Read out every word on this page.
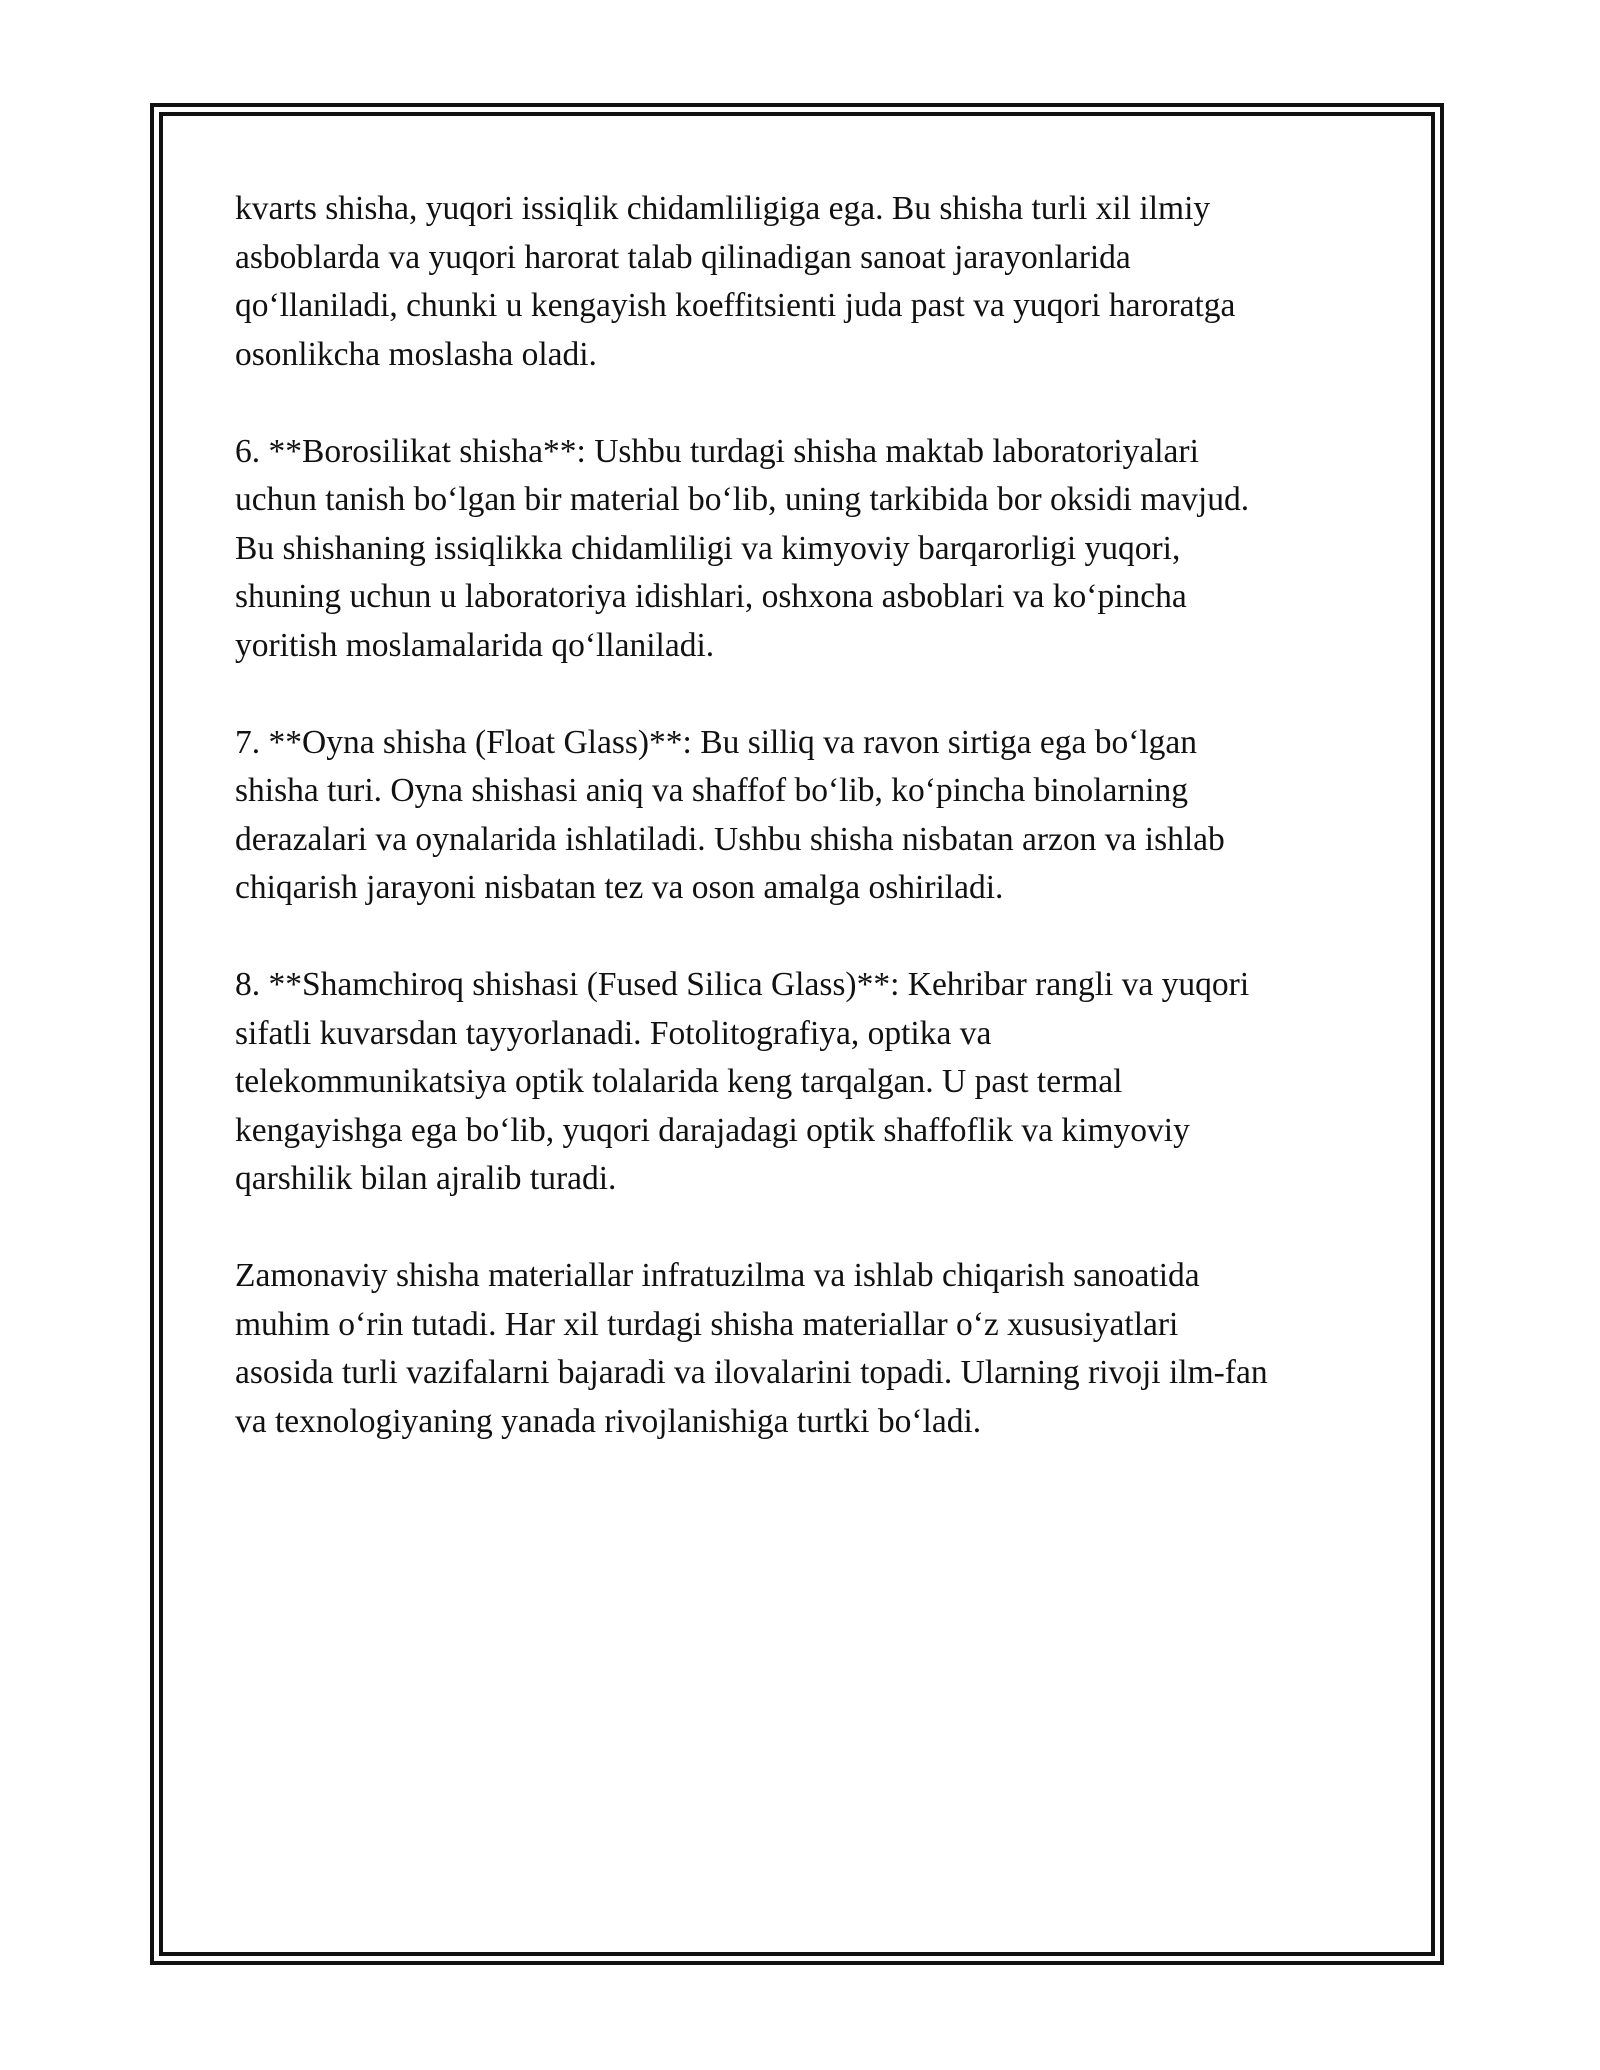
kvarts shisha, yuqori issiqlik chidamliligiga ega. Bu shisha turli xil ilmiy
asboblarda va yuqori harorat talab qilinadigan sanoat jarayonlarida
qo‘llaniladi, chunki u kengayish koeffitsienti juda past va yuqori haroratga
osonlikcha moslasha oladi.

6. **Borosilikat shisha**: Ushbu turdagi shisha maktab laboratoriyalari
uchun tanish bo‘lgan bir material bo‘lib, uning tarkibida bor oksidi mavjud.
Bu shishaning issiqlikka chidamliligi va kimyoviy barqarorligi yuqori,
shuning uchun u laboratoriya idishlari, oshxona asboblari va ko‘pincha
yoritish moslamalarida qo‘llaniladi.

7. **Oyna shisha (Float Glass)**: Bu silliq va ravon sirtiga ega bo‘lgan
shisha turi. Oyna shishasi aniq va shaffof bo‘lib, ko‘pincha binolarning
derazalari va oynalarida ishlatiladi. Ushbu shisha nisbatan arzon va ishlab
chiqarish jarayoni nisbatan tez va oson amalga oshiriladi.

8. **Shamchiroq shishasi (Fused Silica Glass)**: Kehribar rangli va yuqori
sifatli kuvarsdan tayyorlanadi. Fotolitografiya, optika va
telekommunikatsiya optik tolalarida keng tarqalgan. U past termal
kengayishga ega bo‘lib, yuqori darajadagi optik shaffoflik va kimyoviy
qarshilik bilan ajralib turadi.

Zamonaviy shisha materiallar infratuzilma va ishlab chiqarish sanoatida
muhim o‘rin tutadi. Har xil turdagi shisha materiallar o‘z xususiyatlari
asosida turli vazifalarni bajaradi va ilovalarini topadi. Ularning rivoji ilm-fan
va texnologiyaning yanada rivojlanishiga turtki bo‘ladi.
